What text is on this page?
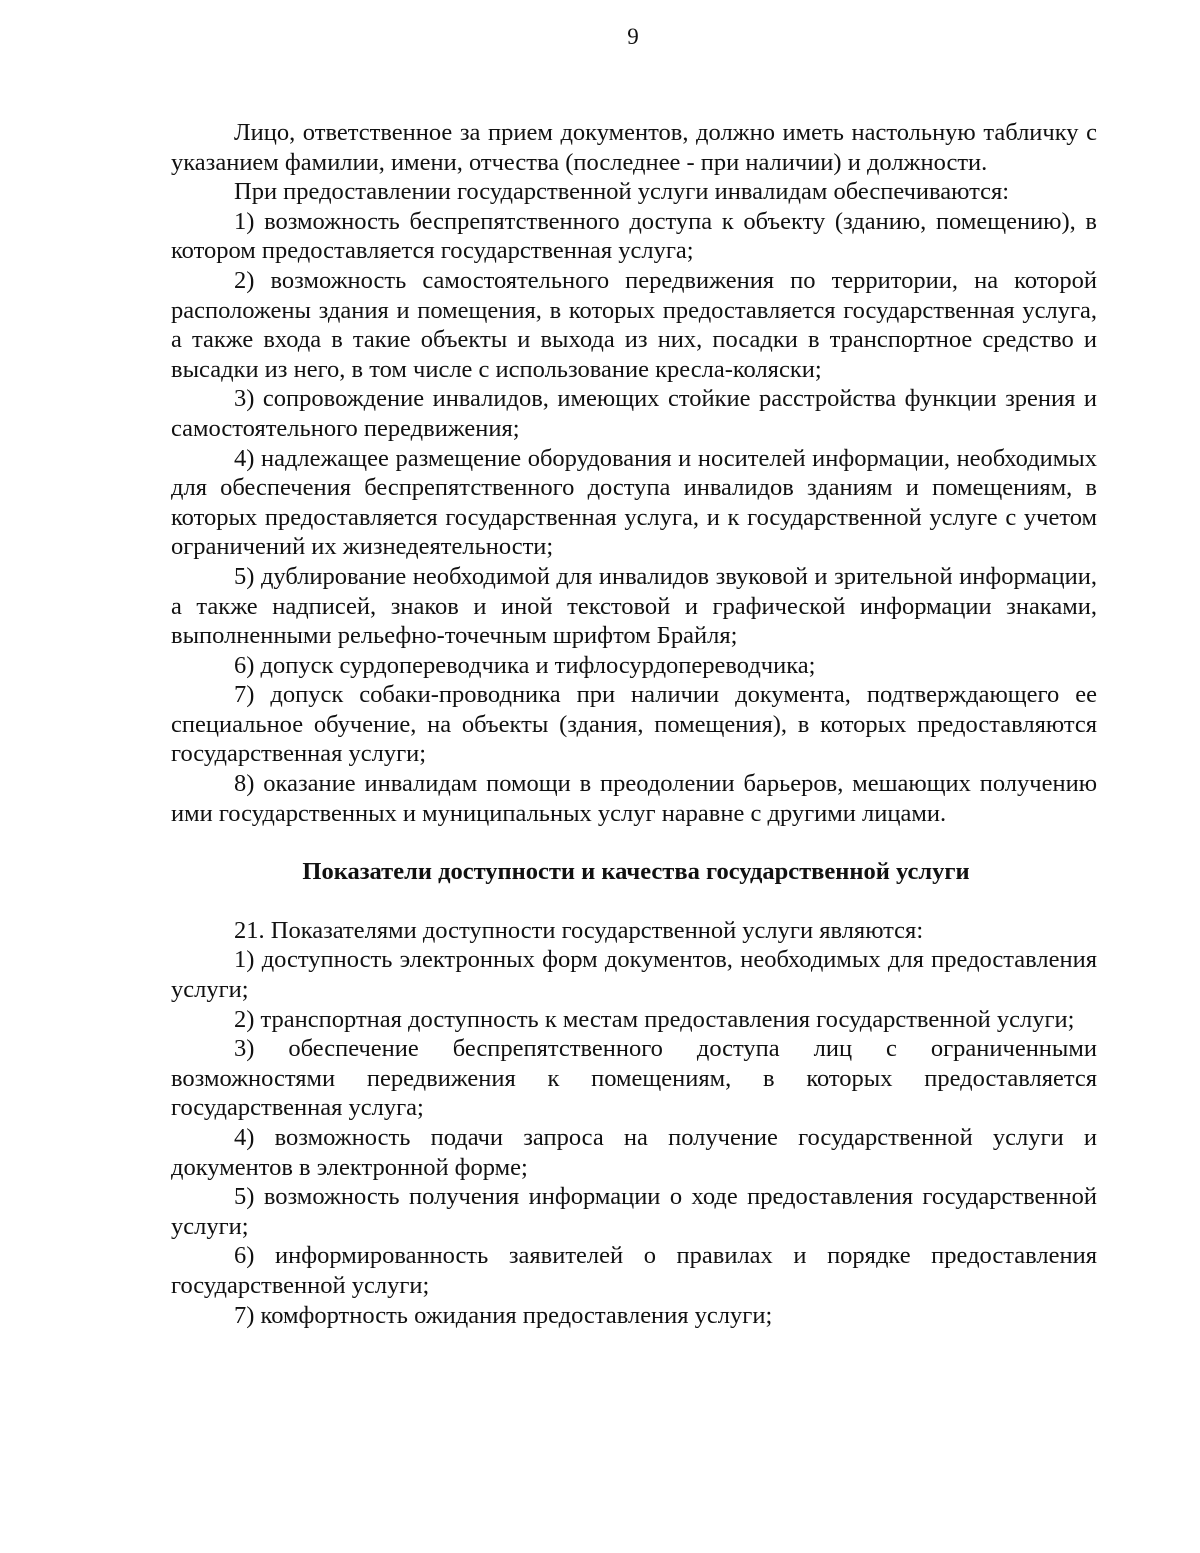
9

Лицо, ответственное за прием документов, должно иметь настольную табличку с указанием фамилии, имени, отчества (последнее - при наличии) и должности.

При предоставлении государственной услуги инвалидам обеспечиваются:

1) возможность беспрепятственного доступа к объекту (зданию, помещению), в котором предоставляется государственная услуга;

2) возможность самостоятельного передвижения по территории, на которой расположены здания и помещения, в которых предоставляется государственная услуга, а также входа в такие объекты и выхода из них, посадки в транспортное средство и высадки из него, в том числе с использование кресла-коляски;

3) сопровождение инвалидов, имеющих стойкие расстройства функции зрения и самостоятельного передвижения;

4) надлежащее размещение оборудования и носителей информации, необходимых для обеспечения беспрепятственного доступа инвалидов зданиям и помещениям, в которых предоставляется государственная услуга, и к государственной услуге с учетом ограничений их жизнедеятельности;

5) дублирование необходимой для инвалидов звуковой и зрительной информации, а также надписей, знаков и иной текстовой и графической информации знаками, выполненными рельефно-точечным шрифтом Брайля;

6) допуск сурдопереводчика и тифлосурдопереводчика;

7) допуск собаки-проводника при наличии документа, подтверждающего ее специальное обучение, на объекты (здания, помещения), в которых предоставляются государственная услуги;

8) оказание инвалидам помощи в преодолении барьеров, мешающих получению ими государственных и муниципальных услуг наравне с другими лицами.

Показатели доступности и качества государственной услуги

21. Показателями доступности государственной услуги являются:

1) доступность электронных форм документов, необходимых для предоставления услуги;

2) транспортная доступность к местам предоставления государственной услуги;

3) обеспечение беспрепятственного доступа лиц с ограниченными возможностями передвижения к помещениям, в которых предоставляется государственная услуга;

4) возможность подачи запроса на получение государственной услуги и документов в электронной форме;

5) возможность получения информации о ходе предоставления государственной услуги;

6) информированность заявителей о правилах и порядке предоставления государственной услуги;

7) комфортность ожидания предоставления услуги;
